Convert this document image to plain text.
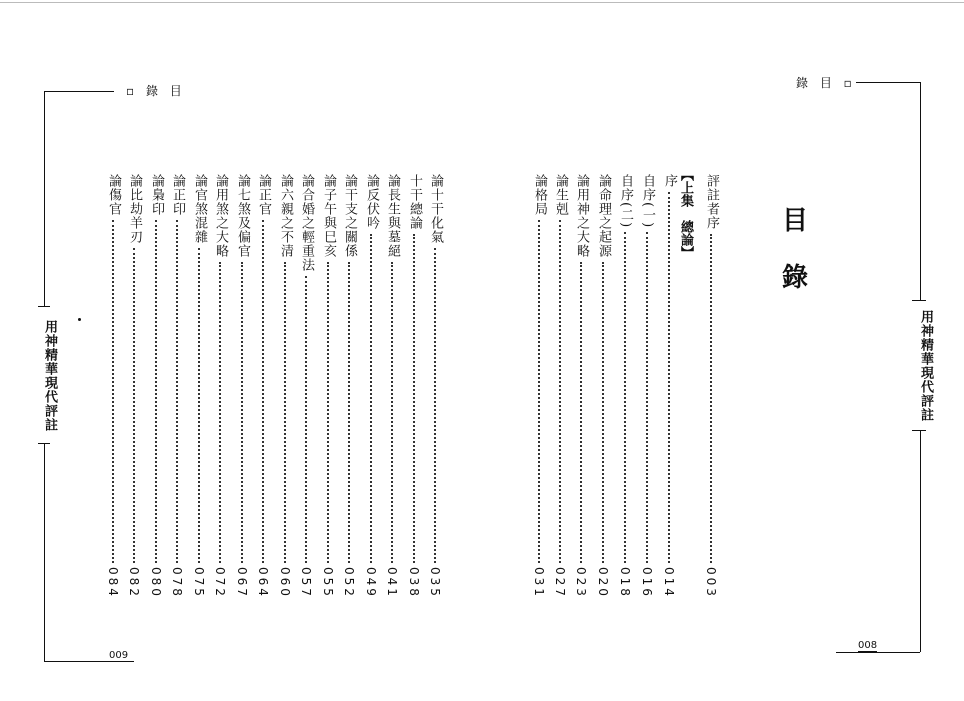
▫ 錄 目
用神精華現代評註
009
論十干化氣
035
十干總論
038
論長生與墓絕
041
論反伏吟
049
論干支之關係
052
論子午與巳亥
055
論合婚之輕重法
057
論六親之不清
060
論正官
064
論七煞及偏官
067
論用煞之大略
072
論官煞混雜
075
論正印
078
論梟印
080
論比劫羊刃
082
論傷官
084
錄 目 ▫
用神精華現代評註
008
目
錄
【上集　總論】 評註者序
003
序
014
自序(一)
016
自序(二)
018
論命理之起源
020
論用神之大略
023
論生剋
027
論格局
031
